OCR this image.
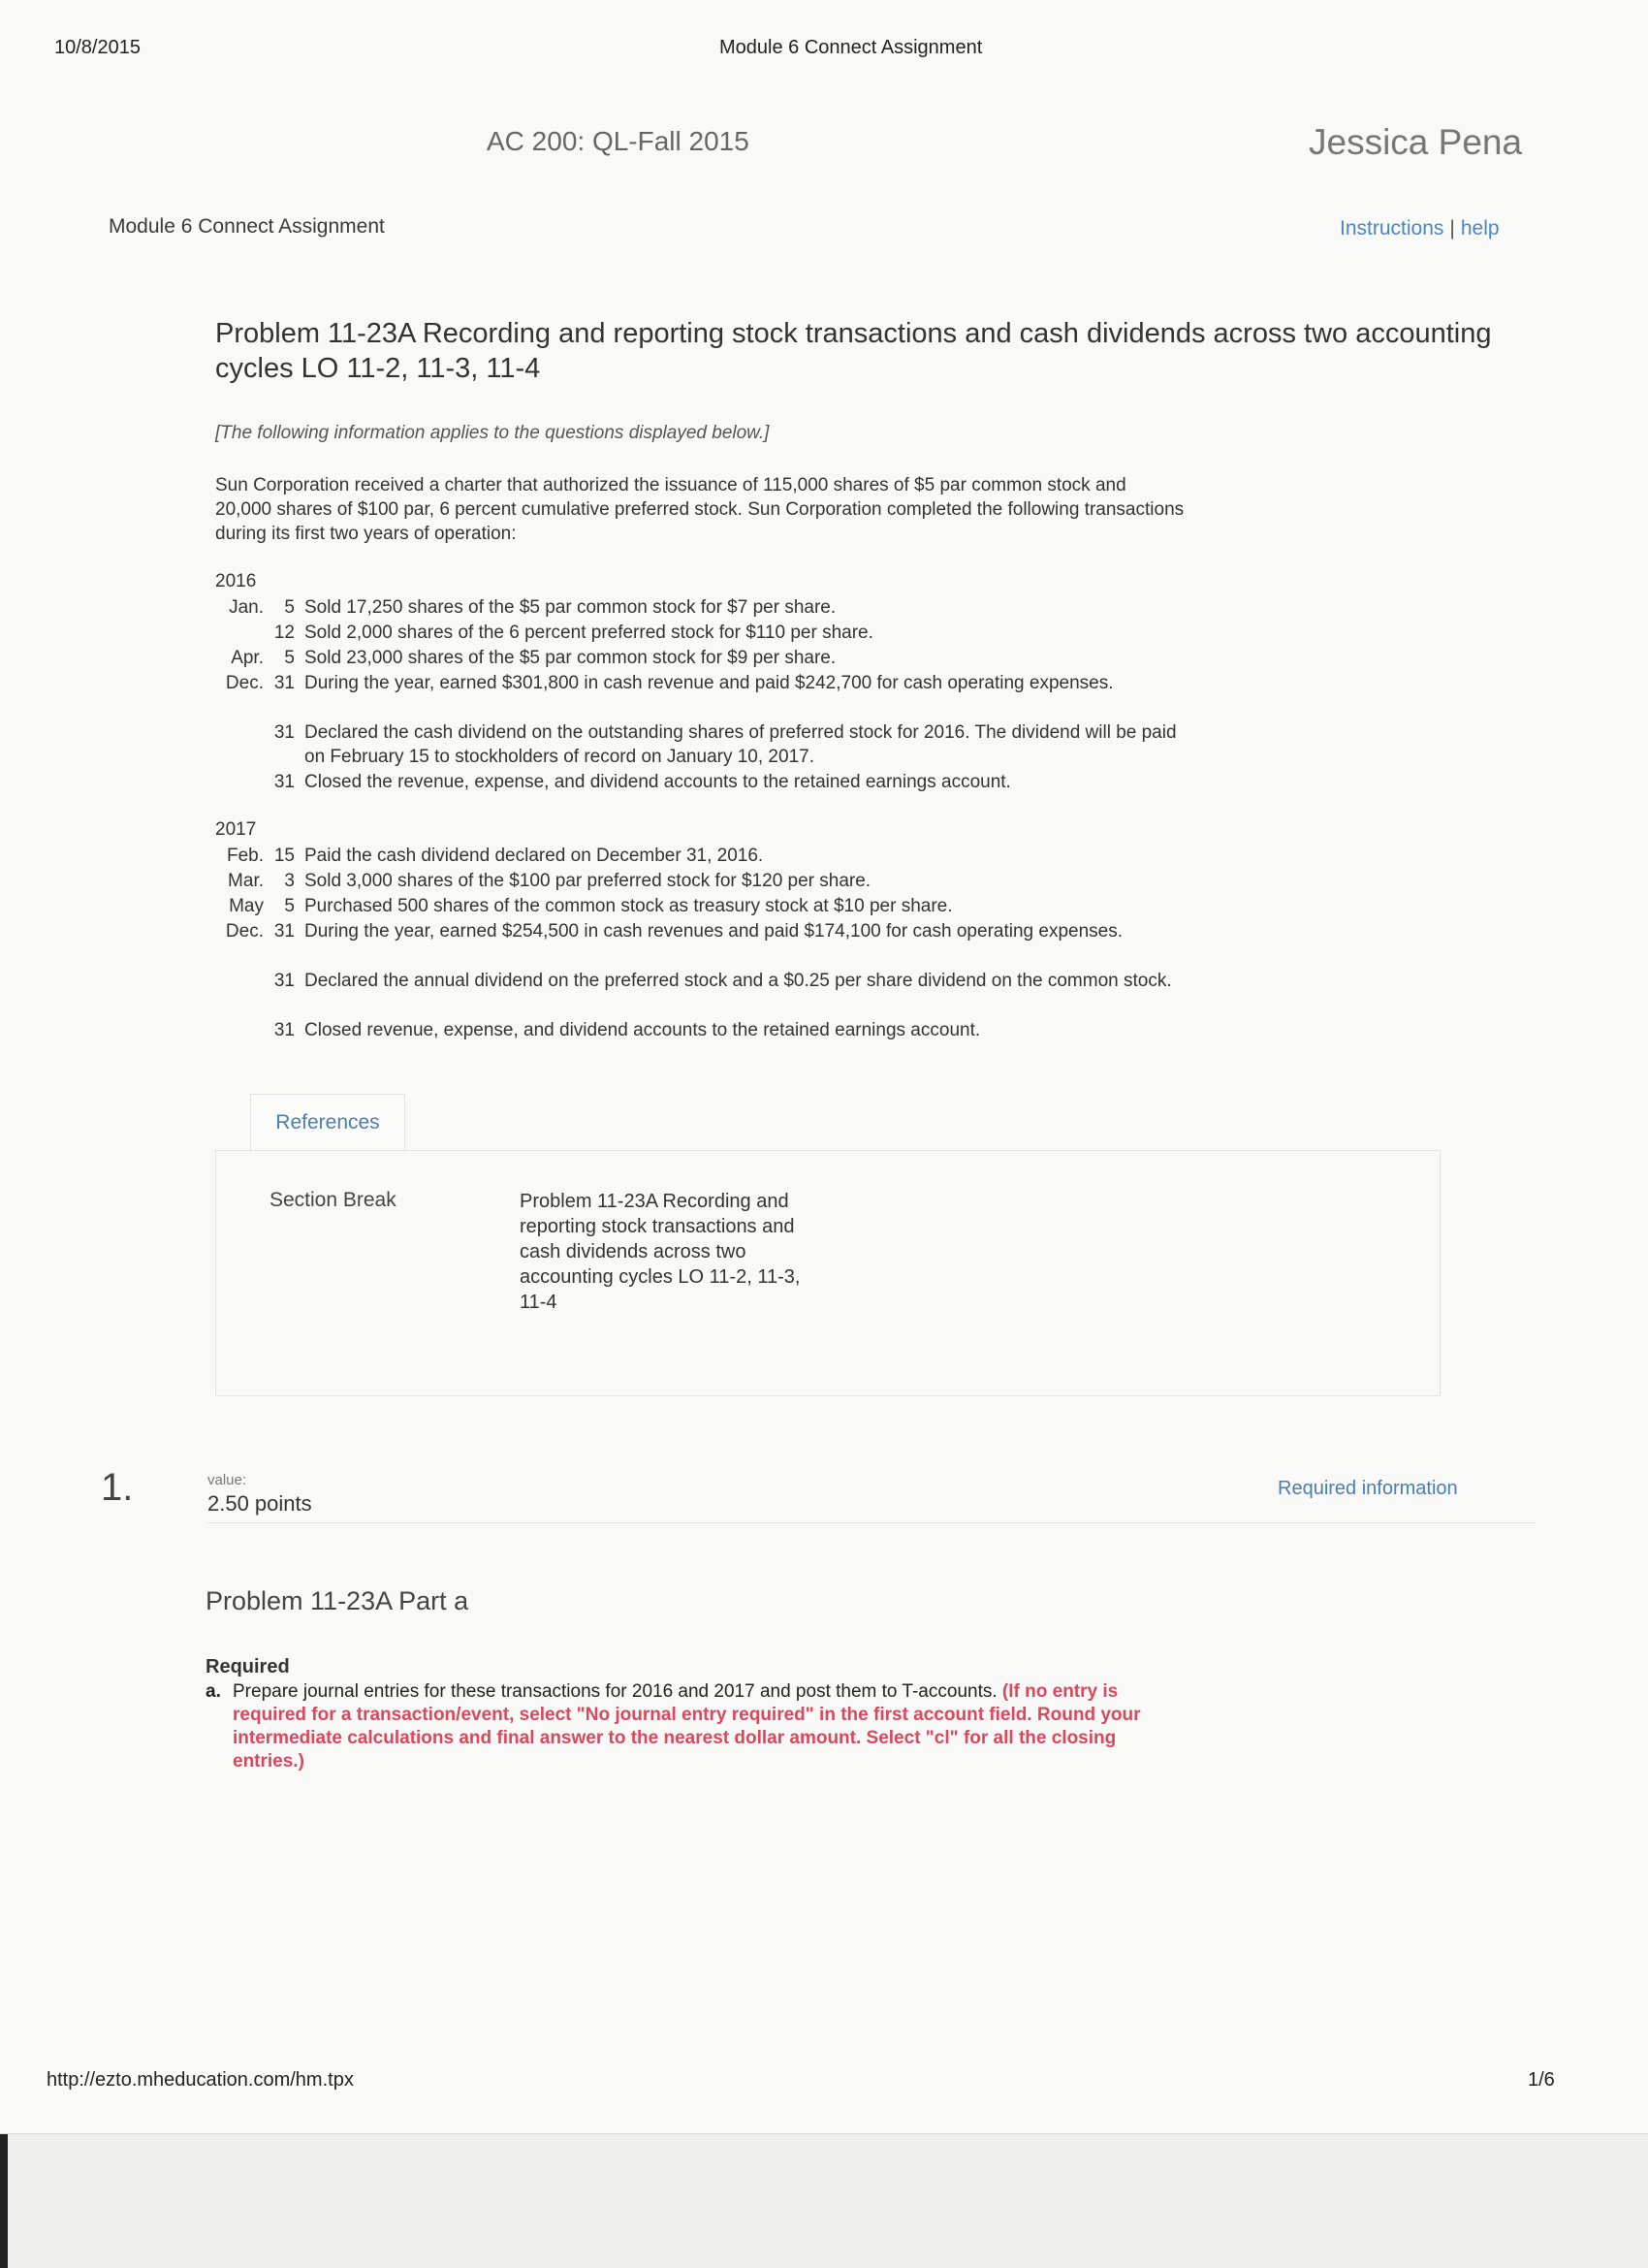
10/8/2015	Module 6 Connect Assignment
AC 200: QL-Fall 2015	Jessica Pena
Module 6 Connect Assignment	Instructions | help
Problem 11-23A Recording and reporting stock transactions and cash dividends across two accounting cycles LO 11-2, 11-3, 11-4
[The following information applies to the questions displayed below.]
Sun Corporation received a charter that authorized the issuance of 115,000 shares of $5 par common stock and 20,000 shares of $100 par, 6 percent cumulative preferred stock. Sun Corporation completed the following transactions during its first two years of operation:
2016
Jan.	5 Sold 17,250 shares of the $5 par common stock for $7 per share.
12 Sold 2,000 shares of the 6 percent preferred stock for $110 per share.
Apr.	5 Sold 23,000 shares of the $5 par common stock for $9 per share.
Dec. 31 During the year, earned $301,800 in cash revenue and paid $242,700 for cash operating expenses.
31 Declared the cash dividend on the outstanding shares of preferred stock for 2016. The dividend will be paid on February 15 to stockholders of record on January 10, 2017.
31 Closed the revenue, expense, and dividend accounts to the retained earnings account.
2017
Feb. 15 Paid the cash dividend declared on December 31, 2016.
Mar.	3 Sold 3,000 shares of the $100 par preferred stock for $120 per share.
May	5 Purchased 500 shares of the common stock as treasury stock at $10 per share.
Dec. 31 During the year, earned $254,500 in cash revenues and paid $174,100 for cash operating expenses.
31 Declared the annual dividend on the preferred stock and a $0.25 per share dividend on the common stock.
31 Closed revenue, expense, and dividend accounts to the retained earnings account.
References
Section Break	Problem 11-23A Recording and reporting stock transactions and cash dividends across two accounting cycles LO 11-2, 11-3, 11-4
1.	value:
2.50 points
Required information
Problem 11-23A Part a
Required
a. Prepare journal entries for these transactions for 2016 and 2017 and post them to T-accounts. (If no entry is required for a transaction/event, select "No journal entry required" in the first account field. Round your intermediate calculations and final answer to the nearest dollar amount. Select "cl" for all the closing entries.)
http://ezto.mheducation.com/hm.tpx	1/6
